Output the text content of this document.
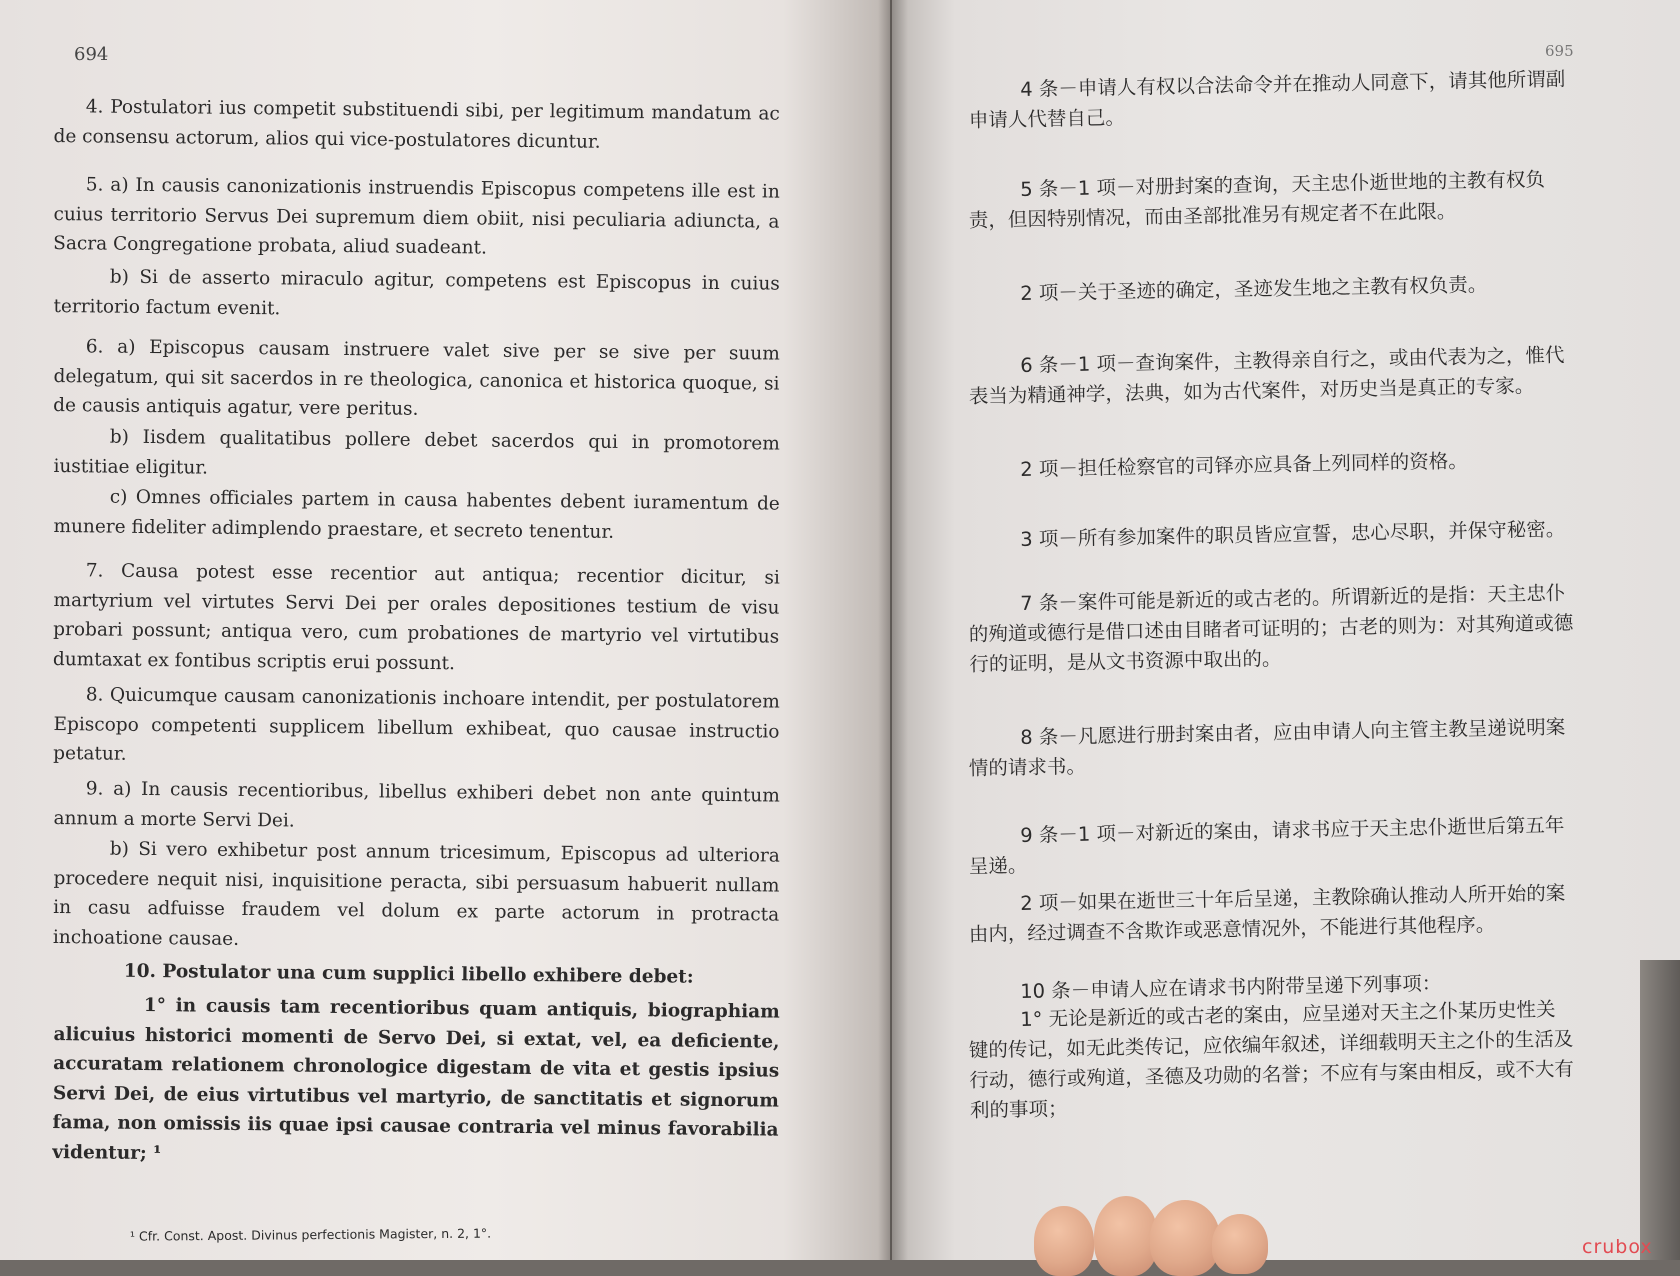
694

4. Postulatori ius competit substituendi sibi, per legitimum mandatum ac de consensu actorum, alios qui vice-postulatores dicuntur.

5. a) In causis canonizationis instruendis Episcopus competens ille est in cuius territorio Servus Dei supremum diem obiit, nisi peculiaria adiuncta, a Sacra Congregatione probata, aliud suadeant.

b) Si de asserto miraculo agitur, competens est Episcopus in cuius territorio factum evenit.

6. a) Episcopus causam instruere valet sive per se sive per suum delegatum, qui sit sacerdos in re theologica, canonica et historica quoque, si de causis antiquis agatur, vere peritus.

b) Iisdem qualitatibus pollere debet sacerdos qui in promotorem iustitiae eligitur.

c) Omnes officiales partem in causa habentes debent iuramentum de munere fideliter adimplendo praestare, et secreto tenentur.

7. Causa potest esse recentior aut antiqua; recentior dicitur, si martyrium vel virtutes Servi Dei per orales depositiones testium de visu probari possunt; antiqua vero, cum probationes de martyrio vel virtutibus dumtaxat ex fontibus scriptis erui possunt.

8. Quicumque causam canonizationis inchoare intendit, per postulatorem Episcopo competenti supplicem libellum exhibeat, quo causae instructio petatur.

9. a) In causis recentioribus, libellus exhiberi debet non ante quintum annum a morte Servi Dei.

b) Si vero exhibetur post annum tricesimum, Episcopus ad ulteriora procedere nequit nisi, inquisitione peracta, sibi persuasum habuerit nullam in casu adfuisse fraudem vel dolum ex parte actorum in protracta inchoatione causae.

10. Postulator una cum supplici libello exhibere debet:

1° in causis tam recentioribus quam antiquis, biographiam alicuius historici momenti de Servo Dei, si extat, vel, ea deficiente, accuratam relationem chronologice digestam de vita et gestis ipsius Servi Dei, de eius virtutibus vel martyrio, de sanctitatis et signorum fama, non omissis iis quae ipsi causae contraria vel minus favorabilia videntur; ¹

¹ Cfr. Const. Apost. Divinus perfectionis Magister, n. 2, 1°.
695

4 条－申请人有权以合法命令并在推动人同意下，请其他所谓副申请人代替自己。

5 条－1 项－对册封案的查询，天主忠仆逝世地的主教有权负责，但因特别情况，而由圣部批准另有规定者不在此限。

2 项－关于圣迹的确定，圣迹发生地之主教有权负责。

6 条－1 项－查询案件，主教得亲自行之，或由代表为之，惟代表当为精通神学，法典，如为古代案件，对历史当是真正的专家。

2 项－担任检察官的司铎亦应具备上列同样的资格。

3 项－所有参加案件的职员皆应宣誓，忠心尽职，并保守秘密。

7 条－案件可能是新近的或古老的。所谓新近的是指：天主忠仆的殉道或德行是借口述由目睹者可证明的；古老的则为：对其殉道或德行的证明，是从文书资源中取出的。

8 条－凡愿进行册封案由者，应由申请人向主管主教呈递说明案情的请求书。

9 条－1 项－对新近的案由，请求书应于天主忠仆逝世后第五年呈递。

2 项－如果在逝世三十年后呈递，主教除确认推动人所开始的案由内，经过调查不含欺诈或恶意情况外，不能进行其他程序。

10 条－申请人应在请求书内附带呈递下列事项：

1° 无论是新近的或古老的案由，应呈递对天主之仆某历史性关键的传记，如无此类传记，应依编年叙述，详细载明天主之仆的生活及行动，德行或殉道，圣德及功勋的名誉；不应有与案由相反，或不大有利的事项；

crubox
